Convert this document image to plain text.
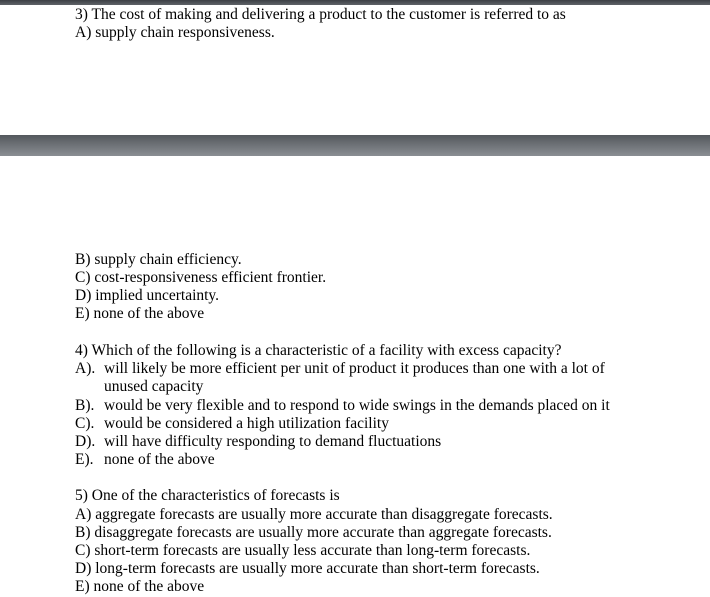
3) The cost of making and delivering a product to the customer is referred to as

A) supply chain responsiveness.

B) supply chain efficiency.

C) cost-responsiveness efficient frontier.

D) implied uncertainty.

E) none of the above

4) Which of the following is a characteristic of a facility with excess capacity?

A). will likely be more efficient per unit of product it produces than one with a lot of
unused capacity
B). would be very flexible and to respond to wide swings in the demands placed on it
C). would be considered a high utilization facility
D). will have difficulty responding to demand fluctuations
E). none of the above

5) One of the characteristics of forecasts is

A) aggregate forecasts are usually more accurate than disaggregate forecasts.

B) disaggregate forecasts are usually more accurate than aggregate forecasts.

C) short-term forecasts are usually less accurate than long-term forecasts.

D) long-term forecasts are usually more accurate than short-term forecasts.

E) none of the above
